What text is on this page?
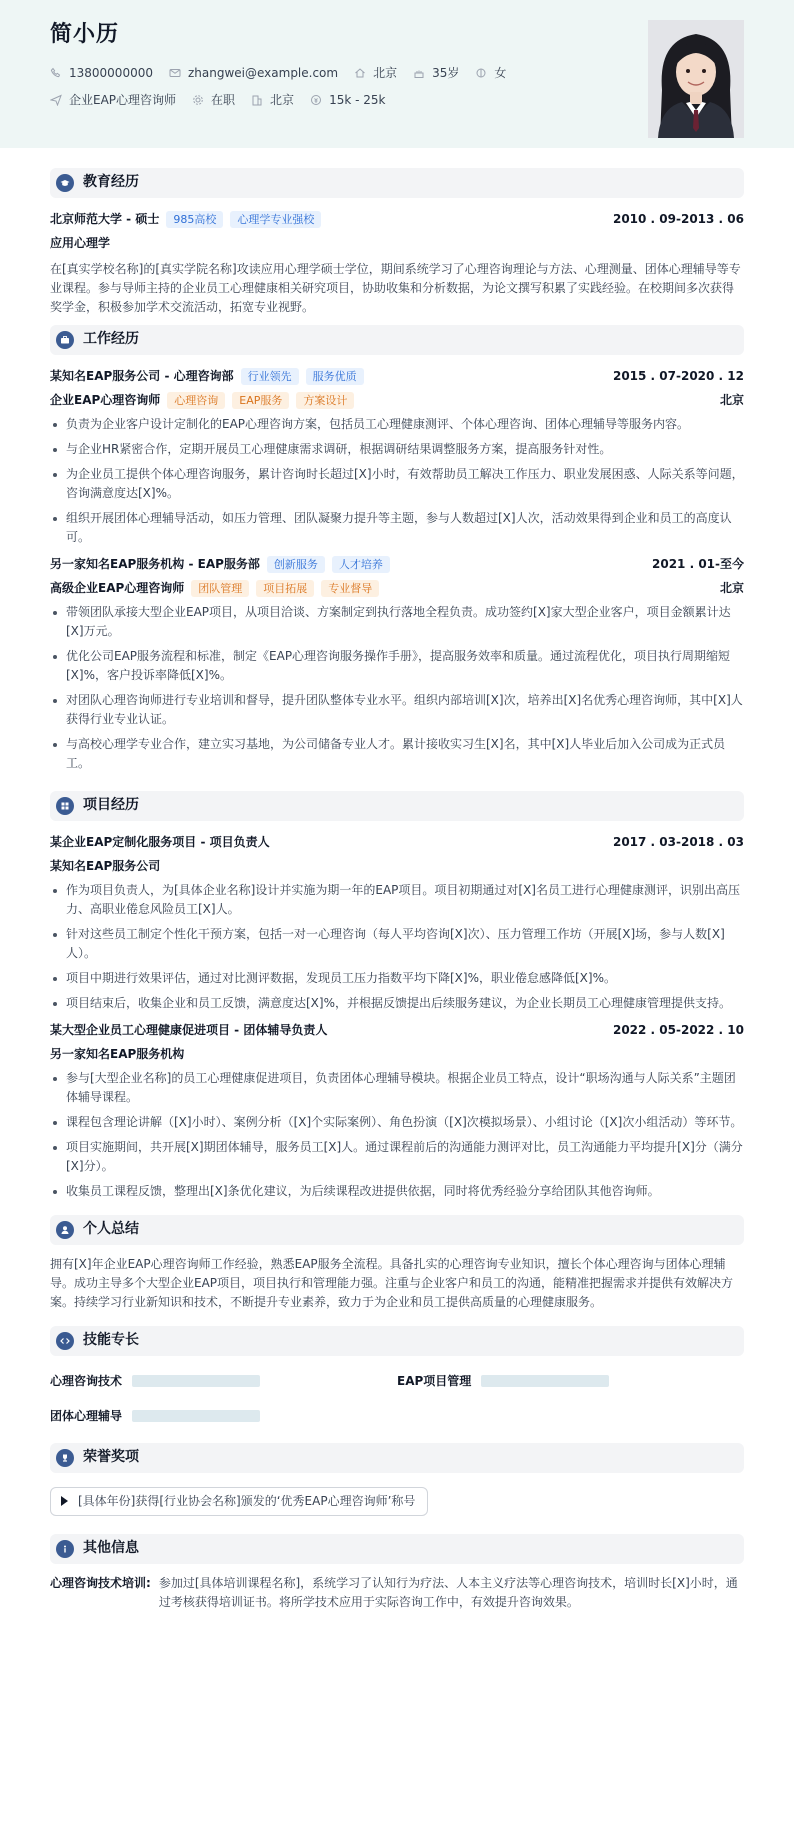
简小历
13800000000	zhangwei@example.com	北京	35岁	女
企业EAP心理咨询师	在职	北京	15k - 25k
教育经历
北京师范大学 - 硕士	985高校	心理学专业强校	2010 . 09-2013 . 06
应用心理学
在[真实学校名称]的[真实学院名称]攻读应用心理学硕士学位，期间系统学习了心理咨询理论与方法、心理测量、团体心理辅导等专业课程。参与导师主持的企业员工心理健康相关研究项目，协助收集和分析数据，为论文撰写积累了实践经验。在校期间多次获得奖学金，积极参加学术交流活动，拓宽专业视野。
工作经历
某知名EAP服务公司 - 心理咨询部	行业领先	服务优质	2015 . 07-2020 . 12
企业EAP心理咨询师	心理咨询	EAP服务	方案设计	北京
负责为企业客户设计定制化的EAP心理咨询方案，包括员工心理健康测评、个体心理咨询、团体心理辅导等服务内容。
与企业HR紧密合作，定期开展员工心理健康需求调研，根据调研结果调整服务方案，提高服务针对性。
为企业员工提供个体心理咨询服务，累计咨询时长超过[X]小时，有效帮助员工解决工作压力、职业发展困惑、人际关系等问题，咨询满意度达[X]%。
组织开展团体心理辅导活动，如压力管理、团队凝聚力提升等主题，参与人数超过[X]人次，活动效果得到企业和员工的高度认可。
另一家知名EAP服务机构 - EAP服务部	创新服务	人才培养	2021 . 01-至今
高级企业EAP心理咨询师	团队管理	项目拓展	专业督导	北京
带领团队承接大型企业EAP项目，从项目洽谈、方案制定到执行落地全程负责。成功签约[X]家大型企业客户，项目金额累计达[X]万元。
优化公司EAP服务流程和标准，制定《EAP心理咨询服务操作手册》，提高服务效率和质量。通过流程优化，项目执行周期缩短[X]%，客户投诉率降低[X]%。
对团队心理咨询师进行专业培训和督导，提升团队整体专业水平。组织内部培训[X]次，培养出[X]名优秀心理咨询师，其中[X]人获得行业专业认证。
与高校心理学专业合作，建立实习基地，为公司储备专业人才。累计接收实习生[X]名，其中[X]人毕业后加入公司成为正式员工。
项目经历
某企业EAP定制化服务项目 - 项目负责人	2017 . 03-2018 . 03
某知名EAP服务公司
作为项目负责人，为[具体企业名称]设计并实施为期一年的EAP项目。项目初期通过对[X]名员工进行心理健康测评，识别出高压力、高职业倦怠风险员工[X]人。
针对这些员工制定个性化干预方案，包括一对一心理咨询（每人平均咨询[X]次）、压力管理工作坊（开展[X]场，参与人数[X]人）。
项目中期进行效果评估，通过对比测评数据，发现员工压力指数平均下降[X]%，职业倦怠感降低[X]%。
项目结束后，收集企业和员工反馈，满意度达[X]%，并根据反馈提出后续服务建议，为企业长期员工心理健康管理提供支持。
某大型企业员工心理健康促进项目 - 团体辅导负责人	2022 . 05-2022 . 10
另一家知名EAP服务机构
参与[大型企业名称]的员工心理健康促进项目，负责团体心理辅导模块。根据企业员工特点，设计“职场沟通与人际关系”主题团体辅导课程。
课程包含理论讲解（[X]小时）、案例分析（[X]个实际案例）、角色扮演（[X]次模拟场景）、小组讨论（[X]次小组活动）等环节。
项目实施期间，共开展[X]期团体辅导，服务员工[X]人。通过课程前后的沟通能力测评对比，员工沟通能力平均提升[X]分（满分[X]分）。
收集员工课程反馈，整理出[X]条优化建议，为后续课程改进提供依据，同时将优秀经验分享给团队其他咨询师。
个人总结
拥有[X]年企业EAP心理咨询师工作经验，熟悉EAP服务全流程。具备扎实的心理咨询专业知识，擅长个体心理咨询与团体心理辅导。成功主导多个大型企业EAP项目，项目执行和管理能力强。注重与企业客户和员工的沟通，能精准把握需求并提供有效解决方案。持续学习行业新知识和技术，不断提升专业素养，致力于为企业和员工提供高质量的心理健康服务。
技能专长
心理咨询技术	EAP项目管理
团体心理辅导
荣誉奖项
[具体年份]获得[行业协会名称]颁发的‘优秀EAP心理咨询师’称号
其他信息
心理咨询技术培训: 参加过[具体培训课程名称]，系统学习了认知行为疗法、人本主义疗法等心理咨询技术，培训时长[X]小时，通过考核获得培训证书。将所学技术应用于实际咨询工作中，有效提升咨询效果。
